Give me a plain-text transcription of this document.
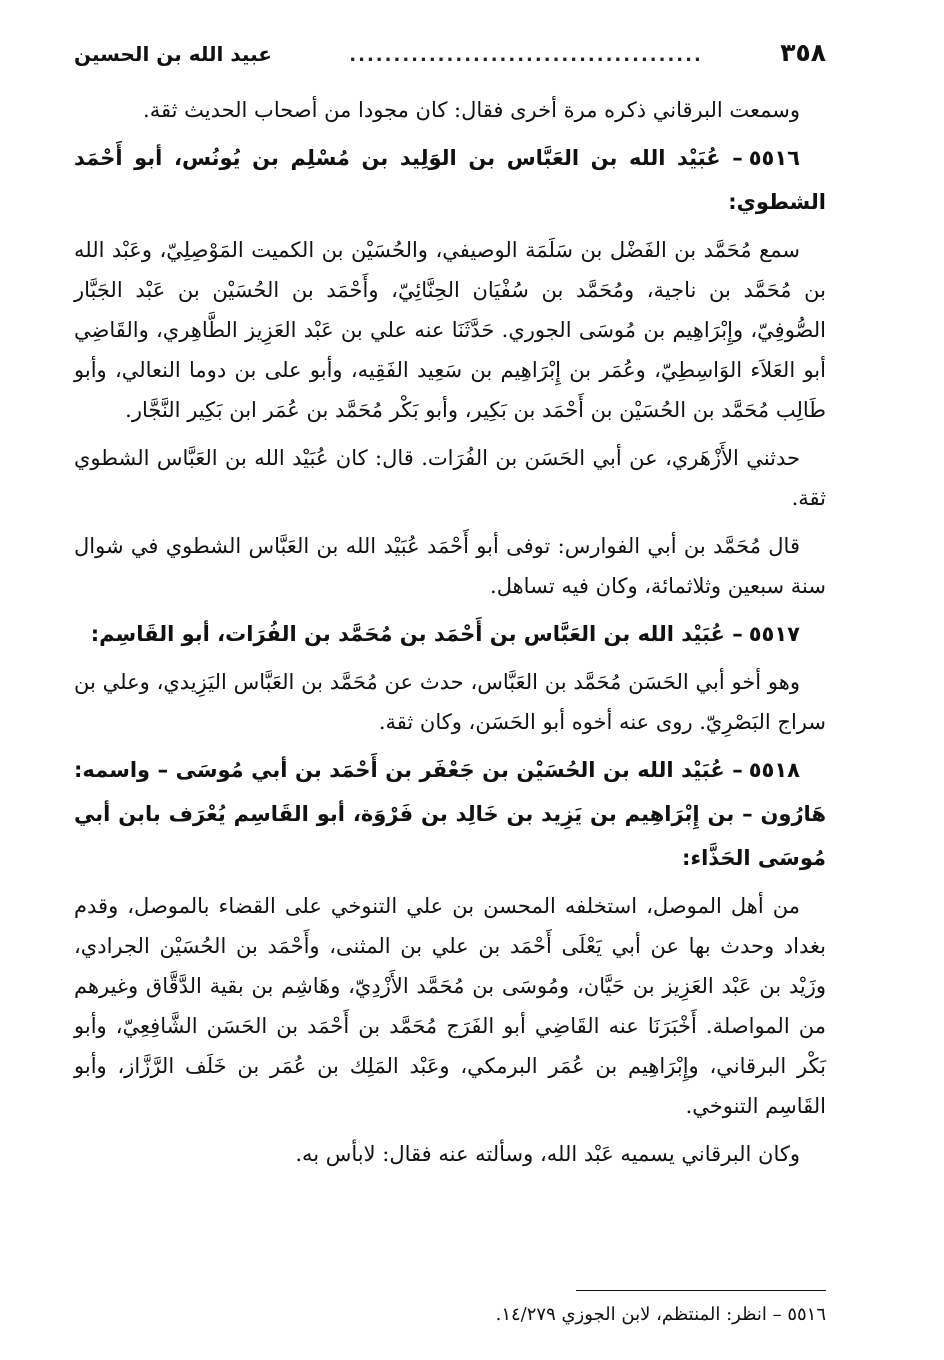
٣٥٨
........................................
عبيد الله بن الحسين

وسمعت البرقاني ذكره مرة أخرى فقال: كان مجودا من أصحاب الحديث ثقة.

٥٥١٦– عُبَيْد الله بن العَبَّاس بن الوَلِيد بن مُسْلِم بن يُونُس، أبو أَحْمَد الشطوي:

سمع مُحَمَّد بن الفَضْل بن سَلَمَة الوصيفي، والحُسَيْن بن الكميت المَوْصِلِيّ، وعَبْد الله بن مُحَمَّد بن ناجية، ومُحَمَّد بن سُفْيَان الحِنَّائِيّ، وأَحْمَد بن الحُسَيْن بن عَبْد الجَبَّار الصُّوفِيّ، وإِبْرَاهِيم بن مُوسَى الجوري. حَدَّثَنَا عنه علي بن عَبْد العَزِيز الطَّاهِري، والقَاضِي أبو العَلاَء الوَاسِطِيّ، وعُمَر بن إِبْرَاهِيم بن سَعِيد الفَقِيه، وأبو على بن دوما النعالي، وأبو طَالِب مُحَمَّد بن الحُسَيْن بن أَحْمَد بن بَكِير، وأبو بَكْر مُحَمَّد بن عُمَر ابن بَكِير النَّجَّار.

حدثني الأَزْهَري، عن أبي الحَسَن بن الفُرَات. قال: كان عُبَيْد الله بن العَبَّاس الشطوي ثقة.

قال مُحَمَّد بن أبي الفوارس: توفى أبو أَحْمَد عُبَيْد الله بن العَبَّاس الشطوي في شوال سنة سبعين وثلاثمائة، وكان فيه تساهل.

٥٥١٧– عُبَيْد الله بن العَبَّاس بن أَحْمَد بن مُحَمَّد بن الفُرَات، أبو القَاسِم:

وهو أخو أبي الحَسَن مُحَمَّد بن العَبَّاس، حدث عن مُحَمَّد بن العَبَّاس اليَزِيدي، وعلي بن سراج البَصْرِيّ. روى عنه أخوه أبو الحَسَن، وكان ثقة.

٥٥١٨– عُبَيْد الله بن الحُسَيْن بن جَعْفَر بن أَحْمَد بن أبي مُوسَى – واسمه: هَارُون – بن إِبْرَاهِيم بن يَزِيد بن خَالِد بن فَرْوَة، أبو القَاسِم يُعْرَف بابن أبي مُوسَى الحَذَّاء:

من أهل الموصل، استخلفه المحسن بن علي التنوخي على القضاء بالموصل، وقدم بغداد وحدث بها عن أبي يَعْلَى أَحْمَد بن علي بن المثنى، وأَحْمَد بن الحُسَيْن الجرادي، وزَيْد بن عَبْد العَزِيز بن حَيَّان، ومُوسَى بن مُحَمَّد الأَزْدِيّ، وهَاشِم بن بقية الدَّقَّاق وغيرهم من المواصلة. أَخْبَرَنَا عنه القَاضِي أبو الفَرَج مُحَمَّد بن أَحْمَد بن الحَسَن الشَّافِعِيّ، وأبو بَكْر البرقاني، وإِبْرَاهِيم بن عُمَر البرمكي، وعَبْد المَلِك بن عُمَر بن خَلَف الرَّزَّاز، وأبو القَاسِم التنوخي.

وكان البرقاني يسميه عَبْد الله، وسألته عنه فقال: لابأس به.

٥٥١٦ – انظر: المنتظم، لابن الجوزي ١٤/٢٧٩.
